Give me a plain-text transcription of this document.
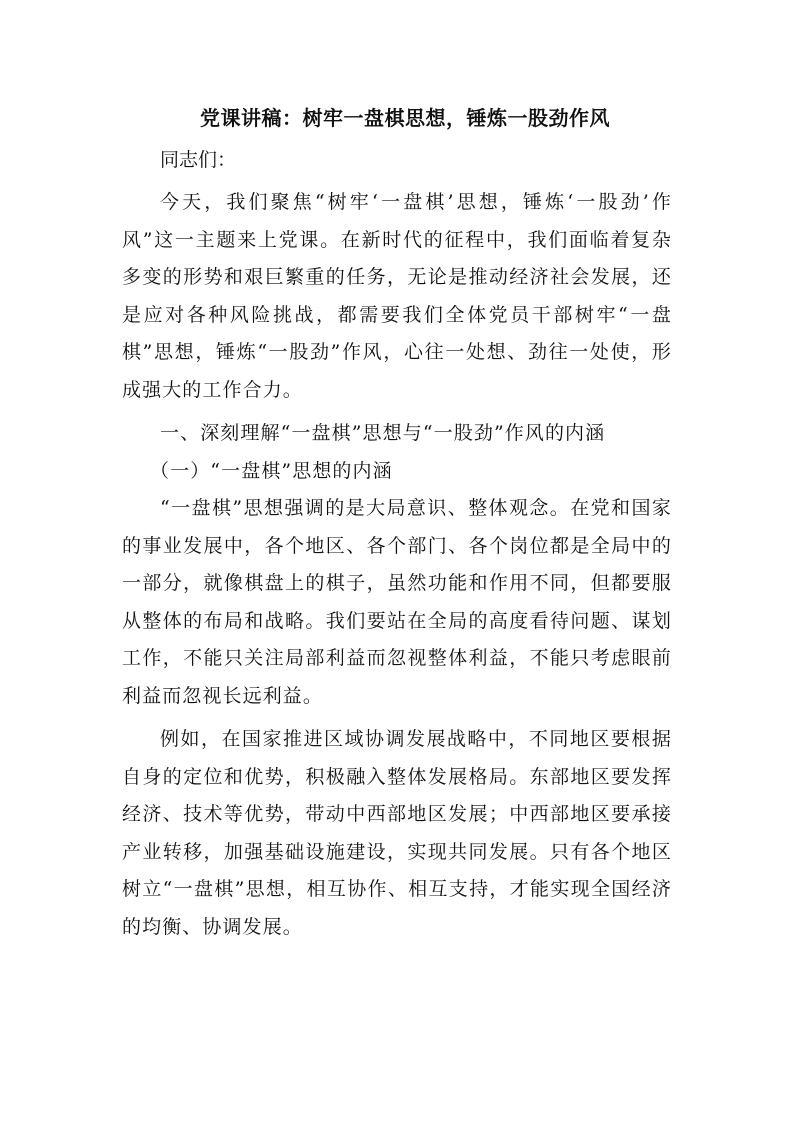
党课讲稿：树牢一盘棋思想，锤炼一股劲作风

同志们：

今天，我们聚焦“树牢‘一盘棋’思想，锤炼‘一股劲’作风”这一主题来上党课。在新时代的征程中，我们面临着复杂多变的形势和艰巨繁重的任务，无论是推动经济社会发展，还是应对各种风险挑战，都需要我们全体党员干部树牢“一盘棋”思想，锤炼“一股劲”作风，心往一处想、劲往一处使，形成强大的工作合力。

一、深刻理解“一盘棋”思想与“一股劲”作风的内涵

（一）“一盘棋”思想的内涵

“一盘棋”思想强调的是大局意识、整体观念。在党和国家的事业发展中，各个地区、各个部门、各个岗位都是全局中的一部分，就像棋盘上的棋子，虽然功能和作用不同，但都要服从整体的布局和战略。我们要站在全局的高度看待问题、谋划工作，不能只关注局部利益而忽视整体利益，不能只考虑眼前利益而忽视长远利益。

例如，在国家推进区域协调发展战略中，不同地区要根据自身的定位和优势，积极融入整体发展格局。东部地区要发挥经济、技术等优势，带动中西部地区发展；中西部地区要承接产业转移，加强基础设施建设，实现共同发展。只有各个地区树立“一盘棋”思想，相互协作、相互支持，才能实现全国经济的均衡、协调发展。
